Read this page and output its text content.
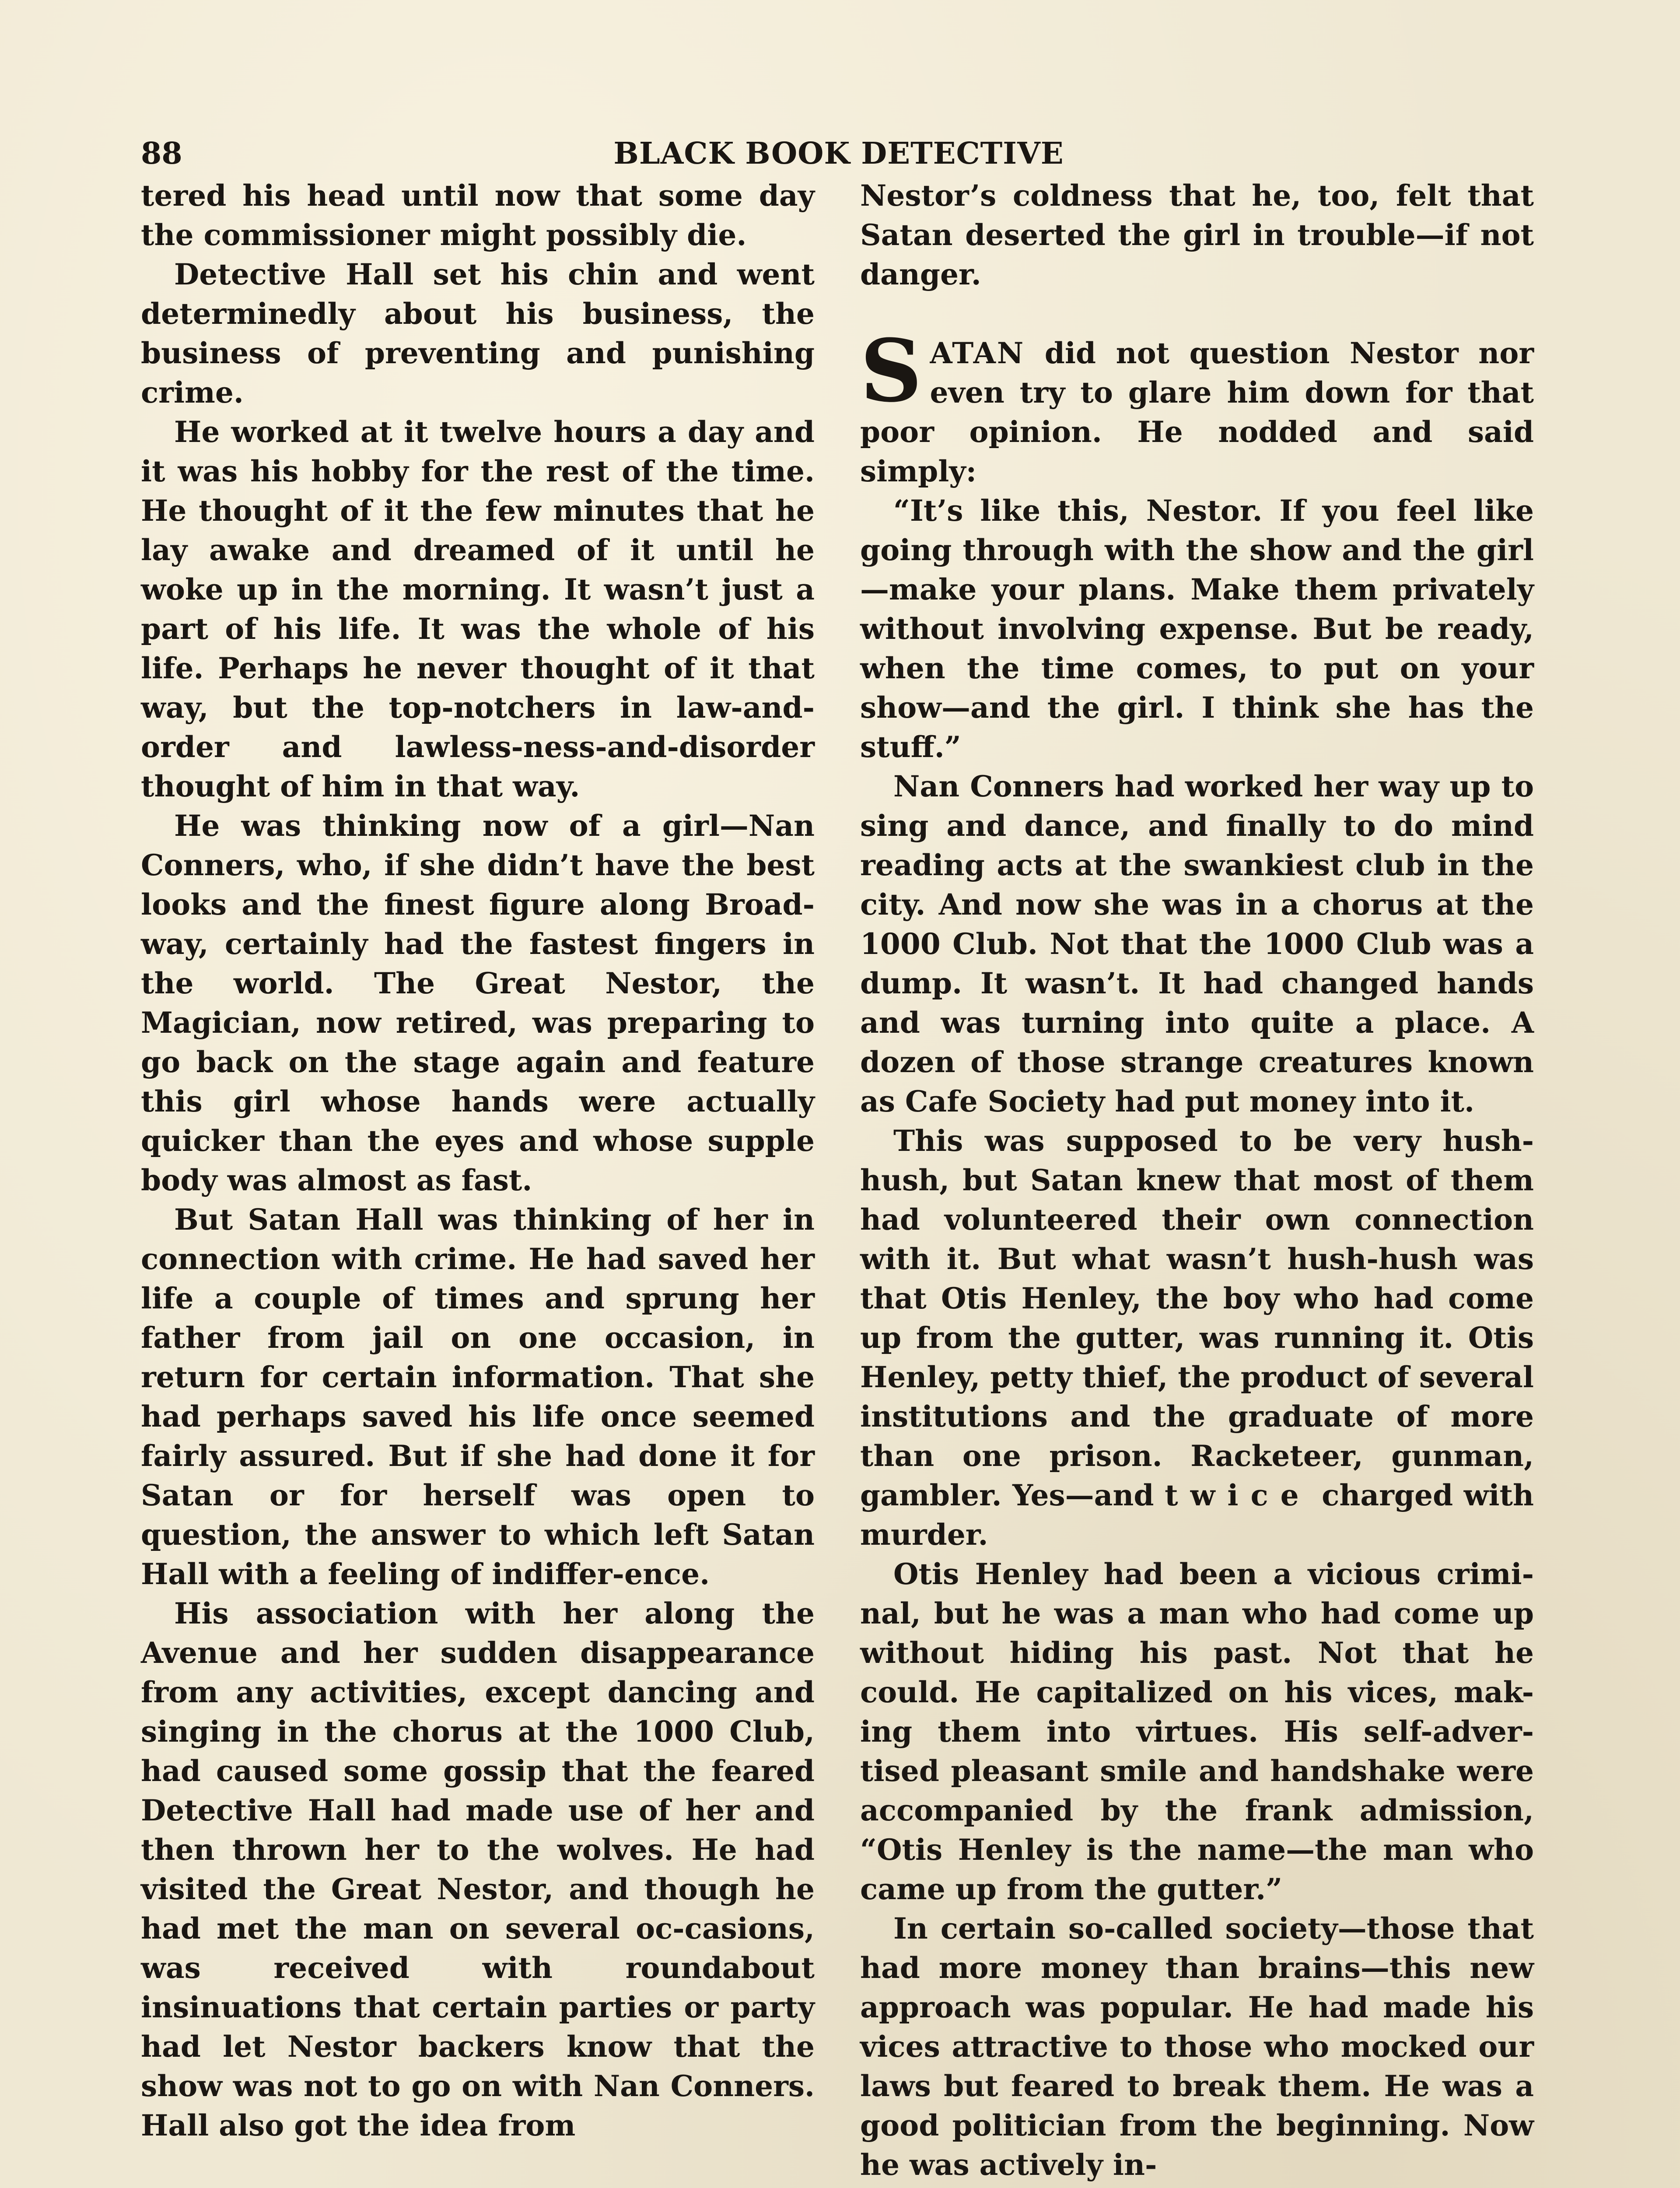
88	BLACK BOOK DETECTIVE

tered his head until now that some day the commissioner might possibly die.

Detective Hall set his chin and went determinedly about his business, the business of preventing and punishing crime.

He worked at it twelve hours a day and it was his hobby for the rest of the time. He thought of it the few minutes that he lay awake and dreamed of it until he woke up in the morning. It wasn’t just a part of his life. It was the whole of his life. Perhaps he never thought of it that way, but the top-notchers in law-and-order and lawless-ness-and-disorder thought of him in that way.

He was thinking now of a girl—Nan Conners, who, if she didn’t have the best looks and the finest figure along Broad-way, certainly had the fastest fingers in the world. The Great Nestor, the Magician, now retired, was preparing to go back on the stage again and feature this girl whose hands were actually quicker than the eyes and whose supple body was almost as fast.

But Satan Hall was thinking of her in connection with crime. He had saved her life a couple of times and sprung her father from jail on one occasion, in return for certain information. That she had perhaps saved his life once seemed fairly assured. But if she had done it for Satan or for herself was open to question, the answer to which left Satan Hall with a feeling of indiffer-ence.

His association with her along the Avenue and her sudden disappearance from any activities, except dancing and singing in the chorus at the 1000 Club, had caused some gossip that the feared Detective Hall had made use of her and then thrown her to the wolves. He had visited the Great Nestor, and though he had met the man on several oc-casions, was received with roundabout insinuations that certain parties or party had let Nestor backers know that the show was not to go on with Nan Conners. Hall also got the idea from

Nestor’s coldness that he, too, felt that Satan deserted the girl in trouble—if not danger.

SATAN did not question Nestor nor even try to glare him down for that poor opinion. He nodded and said simply:

“It’s like this, Nestor. If you feel like going through with the show and the girl—make your plans. Make them privately without involving expense. But be ready, when the time comes, to put on your show—and the girl. I think she has the stuff.”

Nan Conners had worked her way up to sing and dance, and finally to do mind reading acts at the swankiest club in the city. And now she was in a chorus at the 1000 Club. Not that the 1000 Club was a dump. It wasn’t. It had changed hands and was turning into quite a place. A dozen of those strange creatures known as Cafe Society had put money into it.

This was supposed to be very hush-hush, but Satan knew that most of them had volunteered their own connection with it. But what wasn’t hush-hush was that Otis Henley, the boy who had come up from the gutter, was running it. Otis Henley, petty thief, the product of several institutions and the graduate of more than one prison. Racketeer, gunman, gambler. Yes—and twice charged with murder.

Otis Henley had been a vicious crimi-nal, but he was a man who had come up without hiding his past. Not that he could. He capitalized on his vices, mak-ing them into virtues. His self-adver-tised pleasant smile and handshake were accompanied by the frank admission, “Otis Henley is the name—the man who came up from the gutter.”

In certain so-called society—those that had more money than brains—this new approach was popular. He had made his vices attractive to those who mocked our laws but feared to break them. He was a good politician from the beginning. Now he was actively in-
